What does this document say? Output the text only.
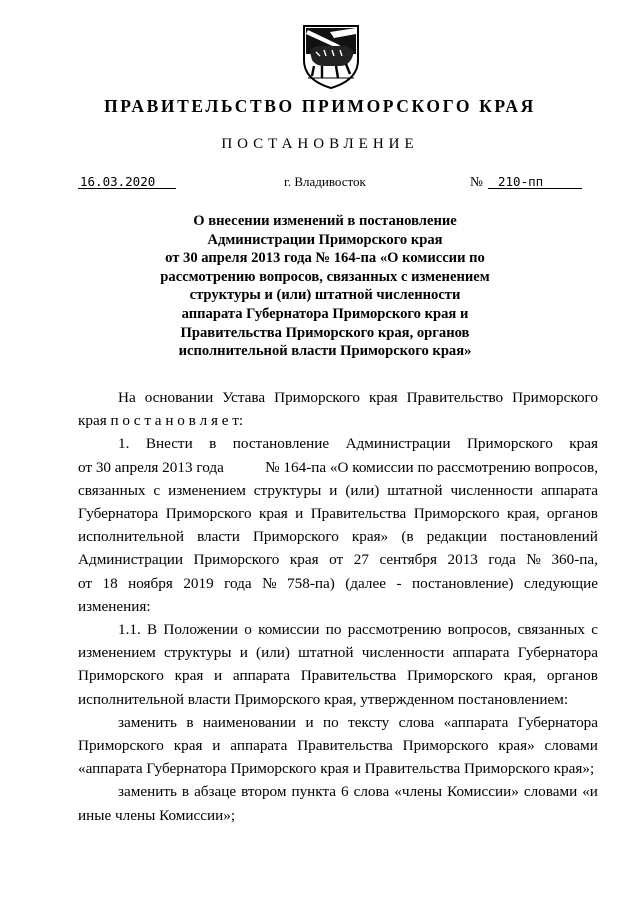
ПРАВИТЕЛЬСТВО ПРИМОРСКОГО КРАЯ
ПОСТАНОВЛЕНИЕ
16.03.2020	г. Владивосток	№ 210-пп
О внесении изменений в постановление
Администрации Приморского края
от 30 апреля 2013 года № 164-па «О комиссии по
рассмотрению вопросов, связанных с изменением
структуры и (или) штатной численности
аппарата Губернатора Приморского края и
Правительства Приморского края, органов
исполнительной власти Приморского края»
На основании Устава Приморского края Правительство Приморского
края п о с т а н о в л я е т:
1. Внести в постановление Администрации Приморского края
от 30 апреля 2013 года	№ 164-па «О комиссии по рассмотрению вопросов,
связанных с изменением структуры и (или) штатной численности аппарата
Губернатора Приморского края и Правительства Приморского края, органов
исполнительной власти Приморского края» (в редакции постановлений
Администрации Приморского края от 27 сентября 2013 года № 360-па,
от 18 ноября 2019 года № 758-па) (далее - постановление) следующие
изменения:
1.1. В Положении о комиссии по рассмотрению вопросов, связанных с
изменением структуры и (или) штатной численности аппарата Губернатора
Приморского края и аппарата Правительства Приморского края, органов
исполнительной власти Приморского края, утвержденном постановлением:
заменить в наименовании и по тексту слова «аппарата Губернатора
Приморского края и аппарата Правительства Приморского края» словами
«аппарата Губернатора Приморского края и Правительства Приморского края»;
заменить в абзаце втором пункта 6 слова «члены Комиссии» словами «и
иные члены Комиссии»;
